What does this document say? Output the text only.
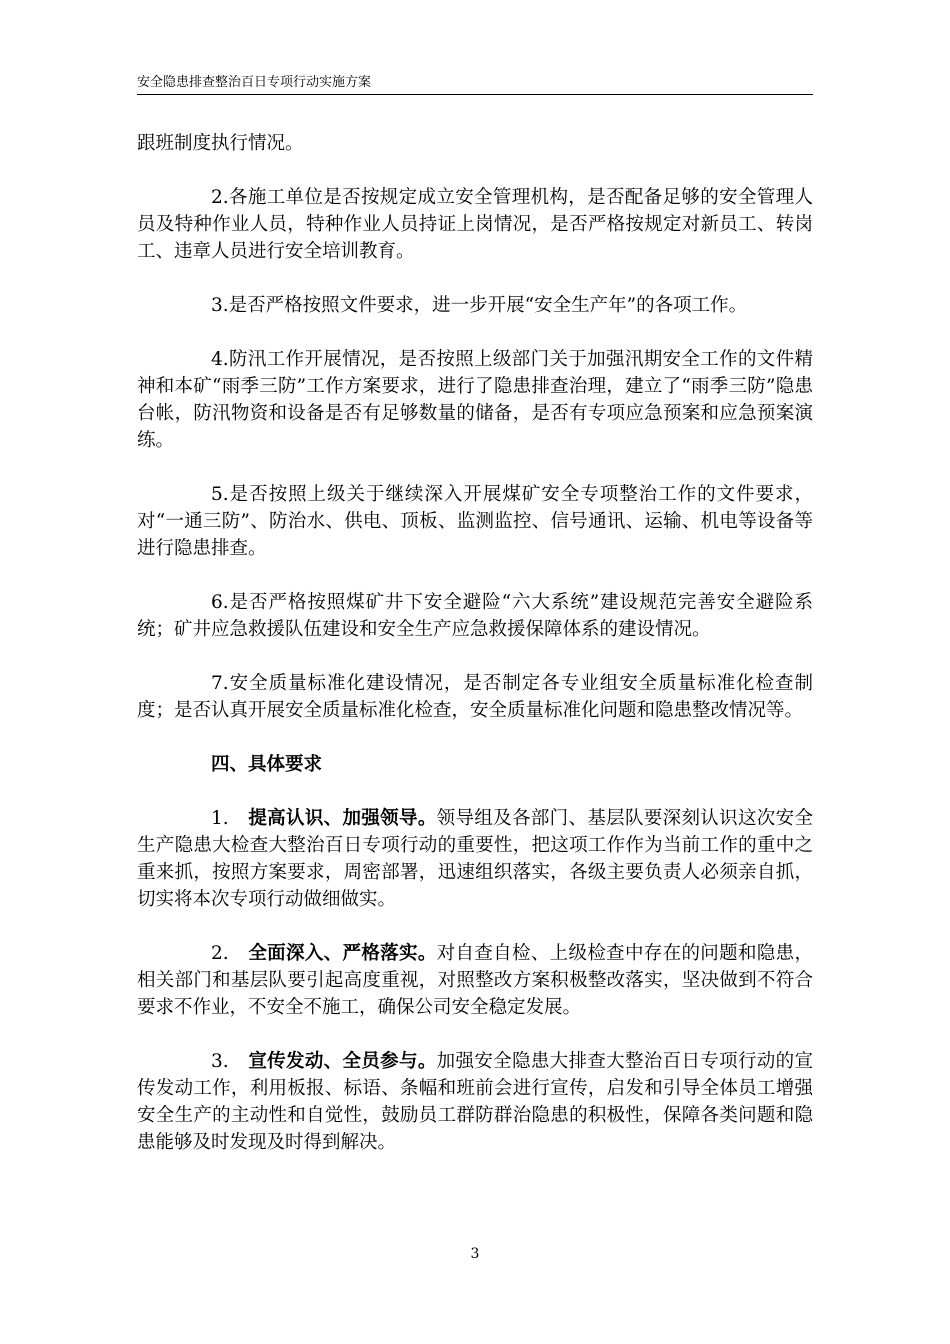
安全隐患排查整治百日专项行动实施方案

跟班制度执行情况。

2.各施工单位是否按规定成立安全管理机构，是否配备足够的安全管理人员及特种作业人员，特种作业人员持证上岗情况，是否严格按规定对新员工、转岗工、违章人员进行安全培训教育。

3.是否严格按照文件要求，进一步开展“安全生产年”的各项工作。

4.防汛工作开展情况，是否按照上级部门关于加强汛期安全工作的文件精神和本矿“雨季三防”工作方案要求，进行了隐患排查治理，建立了“雨季三防”隐患台帐，防汛物资和设备是否有足够数量的储备，是否有专项应急预案和应急预案演练。

5.是否按照上级关于继续深入开展煤矿安全专项整治工作的文件要求，对“一通三防”、防治水、供电、顶板、监测监控、信号通讯、运输、机电等设备等进行隐患排查。

6.是否严格按照煤矿井下安全避险“六大系统”建设规范完善安全避险系统；矿井应急救援队伍建设和安全生产应急救援保障体系的建设情况。

7.安全质量标准化建设情况，是否制定各专业组安全质量标准化检查制度；是否认真开展安全质量标准化检查，安全质量标准化问题和隐患整改情况等。

四、具体要求

1. 提高认识、加强领导。领导组及各部门、基层队要深刻认识这次安全生产隐患大检查大整治百日专项行动的重要性，把这项工作作为当前工作的重中之重来抓，按照方案要求，周密部署，迅速组织落实，各级主要负责人必须亲自抓，切实将本次专项行动做细做实。

2. 全面深入、严格落实。对自查自检、上级检查中存在的问题和隐患，相关部门和基层队要引起高度重视，对照整改方案积极整改落实，坚决做到不符合要求不作业，不安全不施工，确保公司安全稳定发展。

3. 宣传发动、全员参与。加强安全隐患大排查大整治百日专项行动的宣传发动工作，利用板报、标语、条幅和班前会进行宣传，启发和引导全体员工增强安全生产的主动性和自觉性，鼓励员工群防群治隐患的积极性，保障各类问题和隐患能够及时发现及时得到解决。

3
